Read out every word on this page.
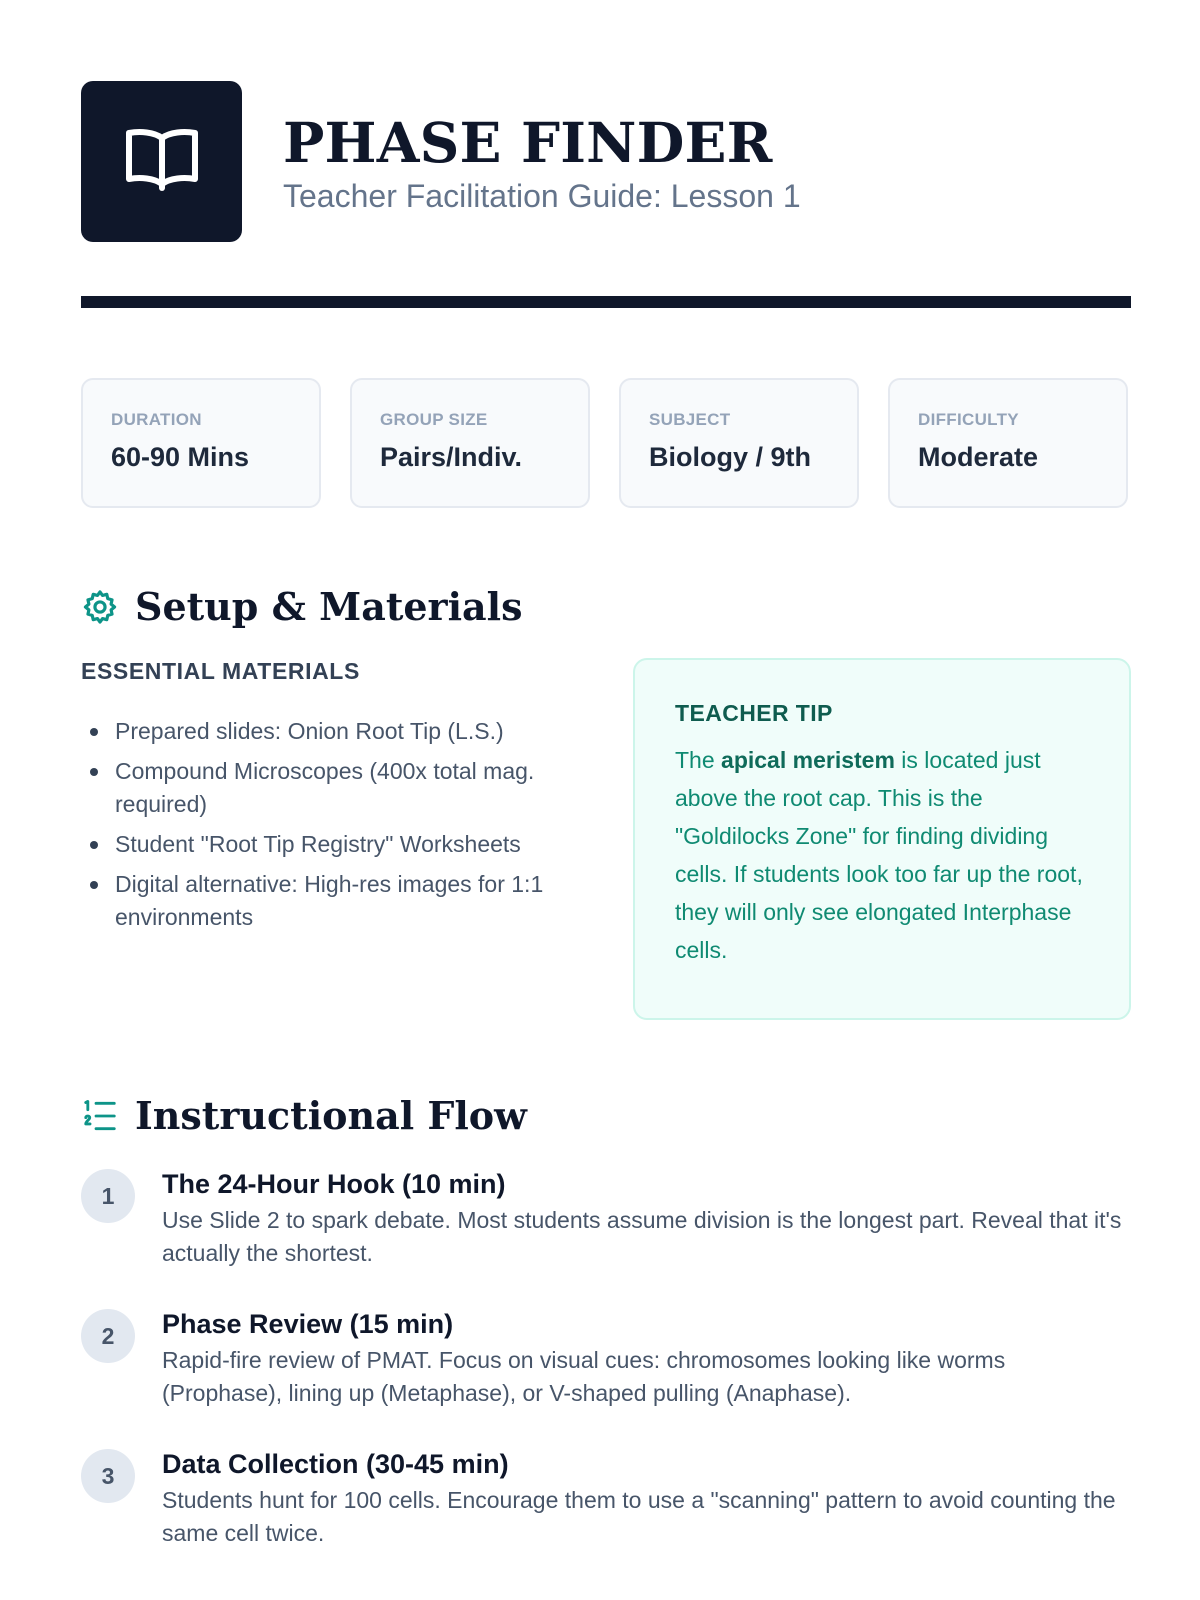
PHASE FINDER
Teacher Facilitation Guide: Lesson 1
DURATION
60-90 Mins
GROUP SIZE
Pairs/Indiv.
SUBJECT
Biology / 9th
DIFFICULTY
Moderate
Setup & Materials
ESSENTIAL MATERIALS
Prepared slides: Onion Root Tip (L.S.)
Compound Microscopes (400x total mag. required)
Student "Root Tip Registry" Worksheets
Digital alternative: High-res images for 1:1 environments
TEACHER TIP
The apical meristem is located just above the root cap. This is the "Goldilocks Zone" for finding dividing cells. If students look too far up the root, they will only see elongated Interphase cells.
Instructional Flow
1	The 24-Hour Hook (10 min)
Use Slide 2 to spark debate. Most students assume division is the longest part. Reveal that it's actually the shortest.
2	Phase Review (15 min)
Rapid-fire review of PMAT. Focus on visual cues: chromosomes looking like worms (Prophase), lining up (Metaphase), or V-shaped pulling (Anaphase).
3	Data Collection (30-45 min)
Students hunt for 100 cells. Encourage them to use a "scanning" pattern to avoid counting the same cell twice.
